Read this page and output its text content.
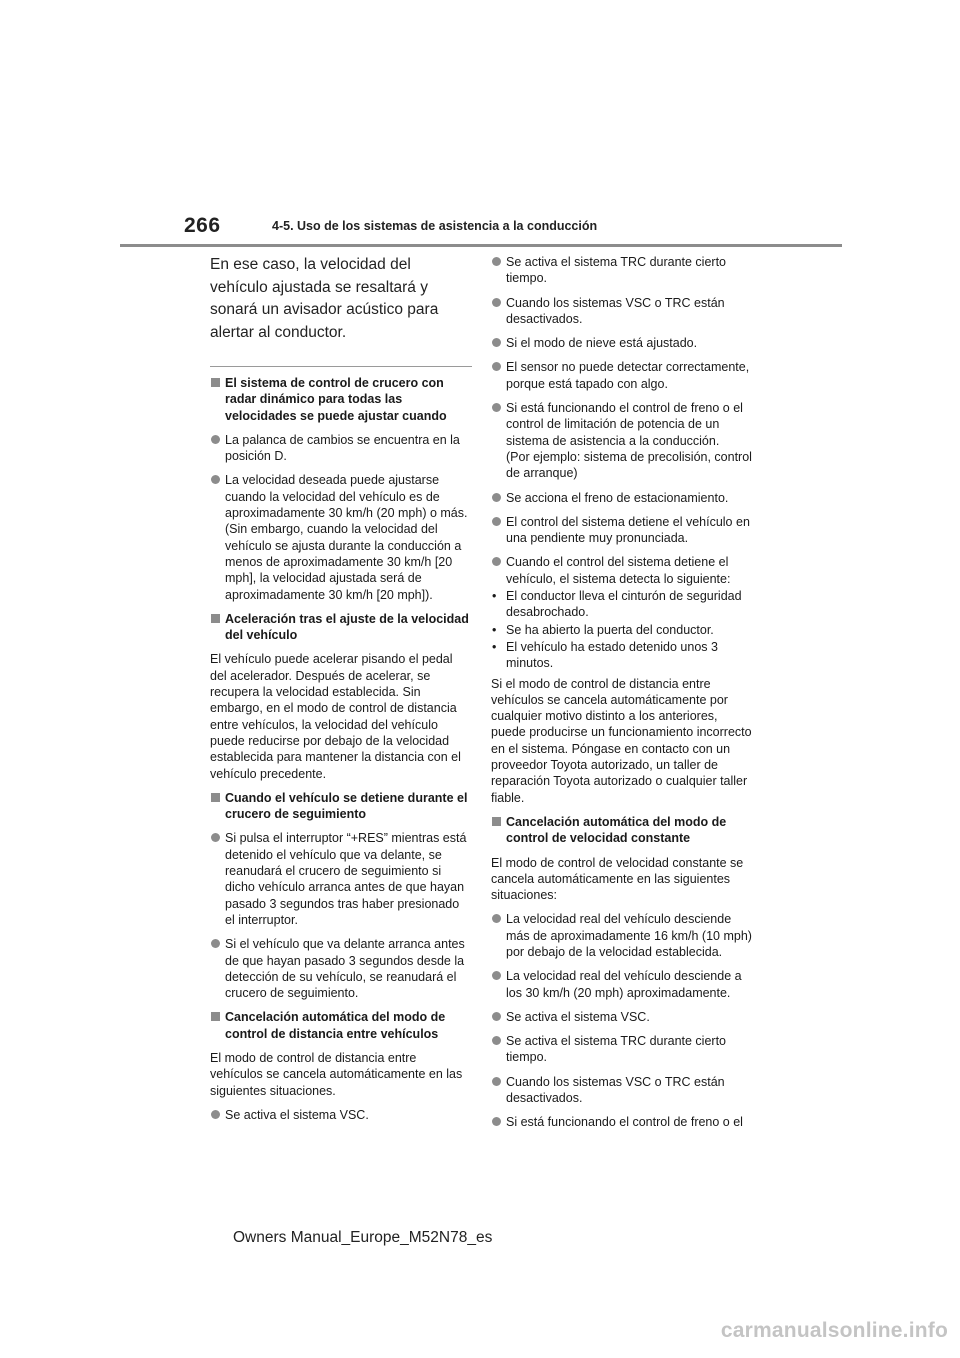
266	4-5. Uso de los sistemas de asistencia a la conducción

En ese caso, la velocidad del vehículo ajustada se resaltará y sonará un avisador acústico para alertar al conductor.

El sistema de control de crucero con radar dinámico para todas las velocidades se puede ajustar cuando
La palanca de cambios se encuentra en la posición D.
La velocidad deseada puede ajustarse cuando la velocidad del vehículo es de aproximadamente 30 km/h (20 mph) o más.
(Sin embargo, cuando la velocidad del vehículo se ajusta durante la conducción a menos de aproximadamente 30 km/h [20 mph], la velocidad ajustada será de aproximadamente 30 km/h [20 mph]).
Aceleración tras el ajuste de la velocidad del vehículo

El vehículo puede acelerar pisando el pedal del acelerador. Después de acelerar, se recupera la velocidad establecida. Sin embargo, en el modo de control de distancia entre vehículos, la velocidad del vehículo puede reducirse por debajo de la velocidad establecida para mantener la distancia con el vehículo precedente.

Cuando el vehículo se detiene durante el crucero de seguimiento
Si pulsa el interruptor “+RES” mientras está detenido el vehículo que va delante, se reanudará el crucero de seguimiento si dicho vehículo arranca antes de que hayan pasado 3 segundos tras haber presionado el interruptor.
Si el vehículo que va delante arranca antes de que hayan pasado 3 segundos desde la detección de su vehículo, se reanudará el crucero de seguimiento.
Cancelación automática del modo de control de distancia entre vehículos

El modo de control de distancia entre vehículos se cancela automáticamente en las siguientes situaciones.

Se activa el sistema VSC.
Se activa el sistema TRC durante cierto tiempo.
Cuando los sistemas VSC o TRC están desactivados.
Si el modo de nieve está ajustado.
El sensor no puede detectar correctamente, porque está tapado con algo.
Si está funcionando el control de freno o el control de limitación de potencia de un sistema de asistencia a la conducción.
(Por ejemplo: sistema de precolisión, control de arranque)
Se acciona el freno de estacionamiento.
El control del sistema detiene el vehículo en una pendiente muy pronunciada.
Cuando el control del sistema detiene el vehículo, el sistema detecta lo siguiente:
• El conductor lleva el cinturón de seguridad desabrochado.
• Se ha abierto la puerta del conductor.
• El vehículo ha estado detenido unos 3 minutos.

Si el modo de control de distancia entre vehículos se cancela automáticamente por cualquier motivo distinto a los anteriores, puede producirse un funcionamiento incorrecto en el sistema. Póngase en contacto con un proveedor Toyota autorizado, un taller de reparación Toyota autorizado o cualquier taller fiable.

Cancelación automática del modo de control de velocidad constante

El modo de control de velocidad constante se cancela automáticamente en las siguientes situaciones:

La velocidad real del vehículo desciende más de aproximadamente 16 km/h (10 mph) por debajo de la velocidad establecida.
La velocidad real del vehículo desciende a los 30 km/h (20 mph) aproximadamente.
Se activa el sistema VSC.
Se activa el sistema TRC durante cierto tiempo.
Cuando los sistemas VSC o TRC están desactivados.
Si está funcionando el control de freno o el
Owners Manual_Europe_M52N78_es
carmanualsonline.info
